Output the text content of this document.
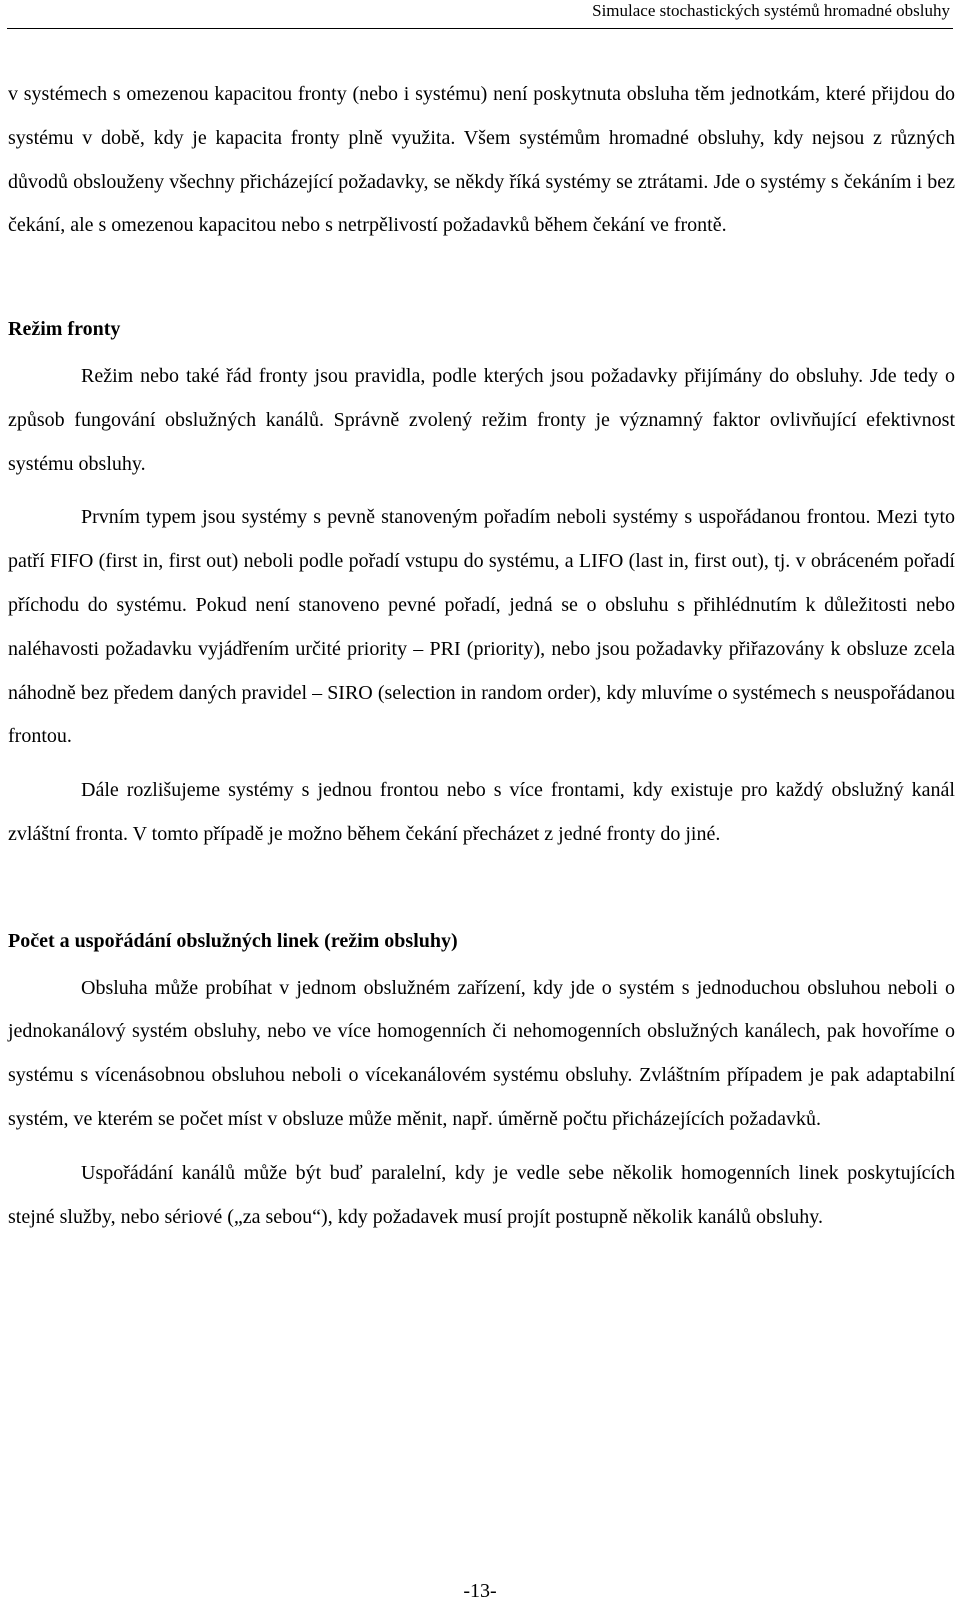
Simulace stochastických systémů hromadné obsluhy

v systémech s omezenou kapacitou fronty (nebo i systému) není poskytnuta obsluha těm jednotkám, které přijdou do systému v době, kdy je kapacita fronty plně využita. Všem systémům hromadné obsluhy, kdy nejsou z různých důvodů obslouženy všechny přicházející požadavky, se někdy říká systémy se ztrátami. Jde o systémy s čekáním i bez čekání, ale s omezenou kapacitou nebo s netrpělivostí požadavků během čekání ve frontě.

Režim fronty

Režim nebo také řád fronty jsou pravidla, podle kterých jsou požadavky přijímány do obsluhy. Jde tedy o způsob fungování obslužných kanálů. Správně zvolený režim fronty je významný faktor ovlivňující efektivnost systému obsluhy.

Prvním typem jsou systémy s pevně stanoveným pořadím neboli systémy s uspořádanou frontou. Mezi tyto patří FIFO (first in, first out) neboli podle pořadí vstupu do systému, a LIFO (last in, first out), tj. v obráceném pořadí příchodu do systému. Pokud není stanoveno pevné pořadí, jedná se o obsluhu s přihlédnutím k důležitosti nebo naléhavosti požadavku vyjádřením určité priority – PRI (priority), nebo jsou požadavky přiřazovány k obsluze zcela náhodně bez předem daných pravidel – SIRO (selection in random order), kdy mluvíme o systémech s neuspořádanou frontou.

Dále rozlišujeme systémy s jednou frontou nebo s více frontami, kdy existuje pro každý obslužný kanál zvláštní fronta. V tomto případě je možno během čekání přecházet z jedné fronty do jiné.

Počet a uspořádání obslužných linek (režim obsluhy)

Obsluha může probíhat v jednom obslužném zařízení, kdy jde o systém s jednoduchou obsluhou neboli o jednokanálový systém obsluhy, nebo ve více homogenních či nehomogenních obslužných kanálech, pak hovoříme o systému s vícenásobnou obsluhou neboli o vícekanálovém systému obsluhy. Zvláštním případem je pak adaptabilní systém, ve kterém se počet míst v obsluze může měnit, např. úměrně počtu přicházejících požadavků.

Uspořádání kanálů může být buď paralelní, kdy je vedle sebe několik homogenních linek poskytujících stejné služby, nebo sériové („za sebou“), kdy požadavek musí projít postupně několik kanálů obsluhy.

-13-
